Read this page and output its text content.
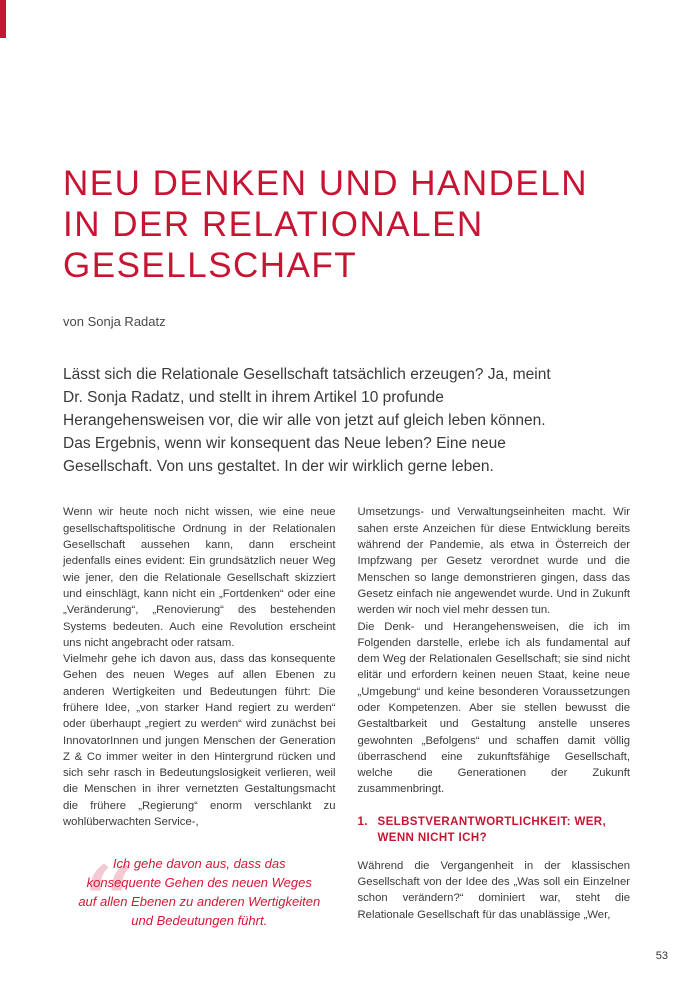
NEU DENKEN UND HANDELN
IN DER RELATIONALEN
GESELLSCHAFT
von Sonja Radatz
Lässt sich die Relationale Gesellschaft tatsächlich erzeugen? Ja, meint Dr. Sonja Radatz, und stellt in ihrem Artikel 10 profunde Herangehensweisen vor, die wir alle von jetzt auf gleich leben können. Das Ergebnis, wenn wir konsequent das Neue leben? Eine neue Gesellschaft. Von uns gestaltet. In der wir wirklich gerne leben.

Wenn wir heute noch nicht wissen, wie eine neue gesellschaftspolitische Ordnung in der Relationalen Gesellschaft aussehen kann, dann erscheint jedenfalls eines evident: Ein grundsätzlich neuer Weg wie jener, den die Relationale Gesellschaft skizziert und einschlägt, kann nicht ein „Fortdenken“ oder eine „Veränderung“, „Renovierung“ des bestehenden Systems bedeuten. Auch eine Revolution erscheint uns nicht angebracht oder ratsam.

Vielmehr gehe ich davon aus, dass das konsequente Gehen des neuen Weges auf allen Ebenen zu anderen Wertigkeiten und Bedeutungen führt: Die frühere Idee, „von starker Hand regiert zu werden“ oder überhaupt „regiert zu werden“ wird zunächst bei InnovatorInnen und jungen Menschen der Generation Z & Co immer weiter in den Hintergrund rücken und sich sehr rasch in Bedeutungslosigkeit verlieren, weil die Menschen in ihrer vernetzten Gestaltungsmacht die frühere „Regierung“ enorm verschlankt zu wohlüberwachten Service-,

“
Ich gehe davon aus, dass das konsequente Gehen des neuen Weges auf allen Ebenen zu anderen Wertigkeiten und Bedeutungen führt.

Umsetzungs- und Verwaltungseinheiten macht. Wir sahen erste Anzeichen für diese Entwicklung bereits während der Pandemie, als etwa in Österreich der Impfzwang per Gesetz verordnet wurde und die Menschen so lange demonstrieren gingen, dass das Gesetz einfach nie angewendet wurde. Und in Zukunft werden wir noch viel mehr dessen tun.

Die Denk- und Herangehensweisen, die ich im Folgenden darstelle, erlebe ich als fundamental auf dem Weg der Relationalen Gesellschaft; sie sind nicht elitär und erfordern keinen neuen Staat, keine neue „Umgebung“ und keine besonderen Voraussetzungen oder Kompetenzen. Aber sie stellen bewusst die Gestaltbarkeit und Gestaltung anstelle unseres gewohnten „Befolgens“ und schaffen damit völlig überraschend eine zukunftsfähige Gesellschaft, welche die Generationen der Zukunft zusammenbringt.

1. SELBSTVERANTWORTLICHKEIT: WER, WENN NICHT ICH?

Während die Vergangenheit in der klassischen Gesellschaft von der Idee des „Was soll ein Einzelner schon verändern?“ dominiert war, steht die Relationale Gesellschaft für das unablässige „Wer,

53
